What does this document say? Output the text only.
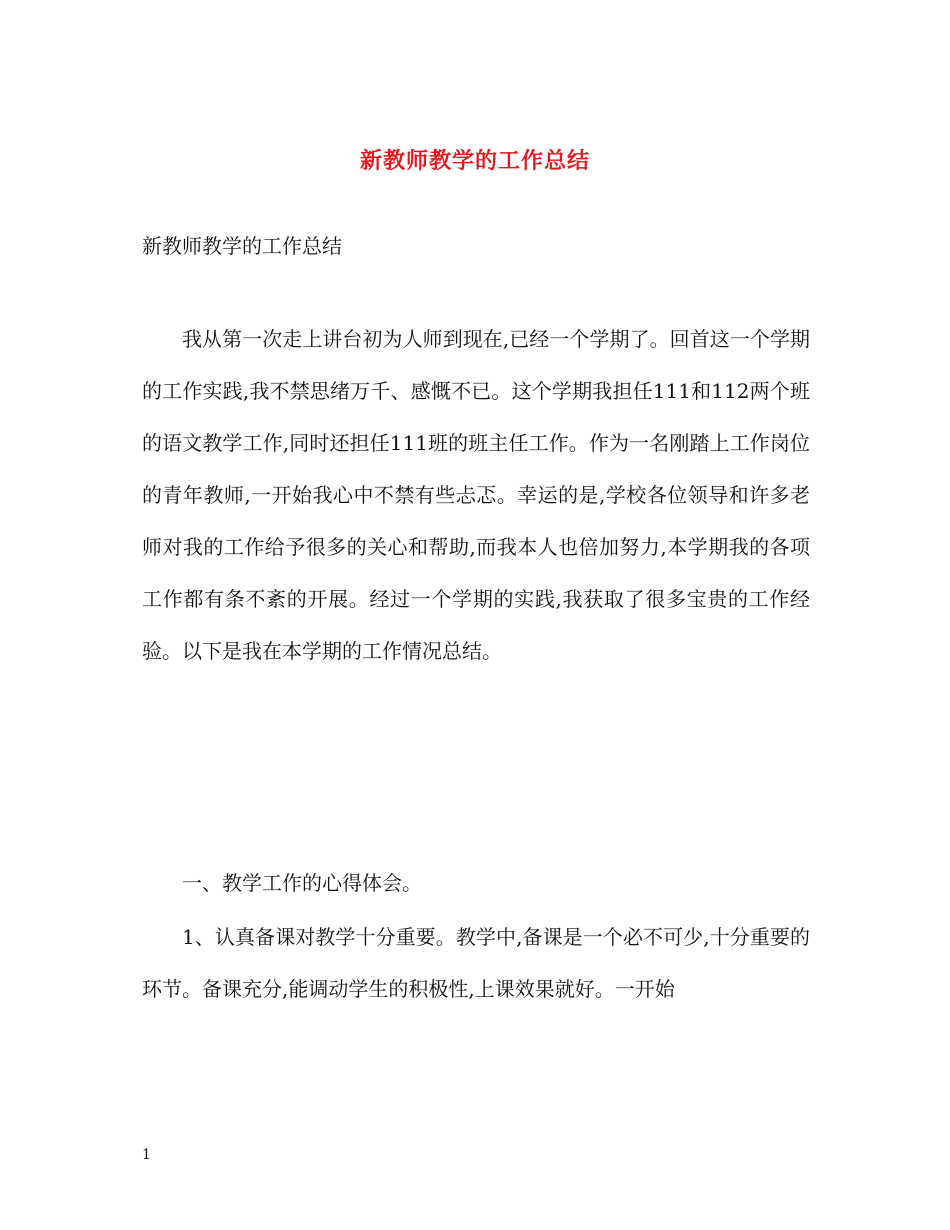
新教师教学的工作总结
新教师教学的工作总结

我从第一次走上讲台初为人师到现在,已经一个学期了。回首这一个学期的工作实践,我不禁思绪万千、感慨不已。这个学期我担任111和112两个班的语文教学工作,同时还担任111班的班主任工作。作为一名刚踏上工作岗位的青年教师,一开始我心中不禁有些忐忑。幸运的是,学校各位领导和许多老师对我的工作给予很多的关心和帮助,而我本人也倍加努力,本学期我的各项工作都有条不紊的开展。经过一个学期的实践,我获取了很多宝贵的工作经验。以下是我在本学期的工作情况总结。

一、教学工作的心得体会。

1、认真备课对教学十分重要。教学中,备课是一个必不可少,十分重要的环节。备课充分,能调动学生的积极性,上课效果就好。一开始

1
